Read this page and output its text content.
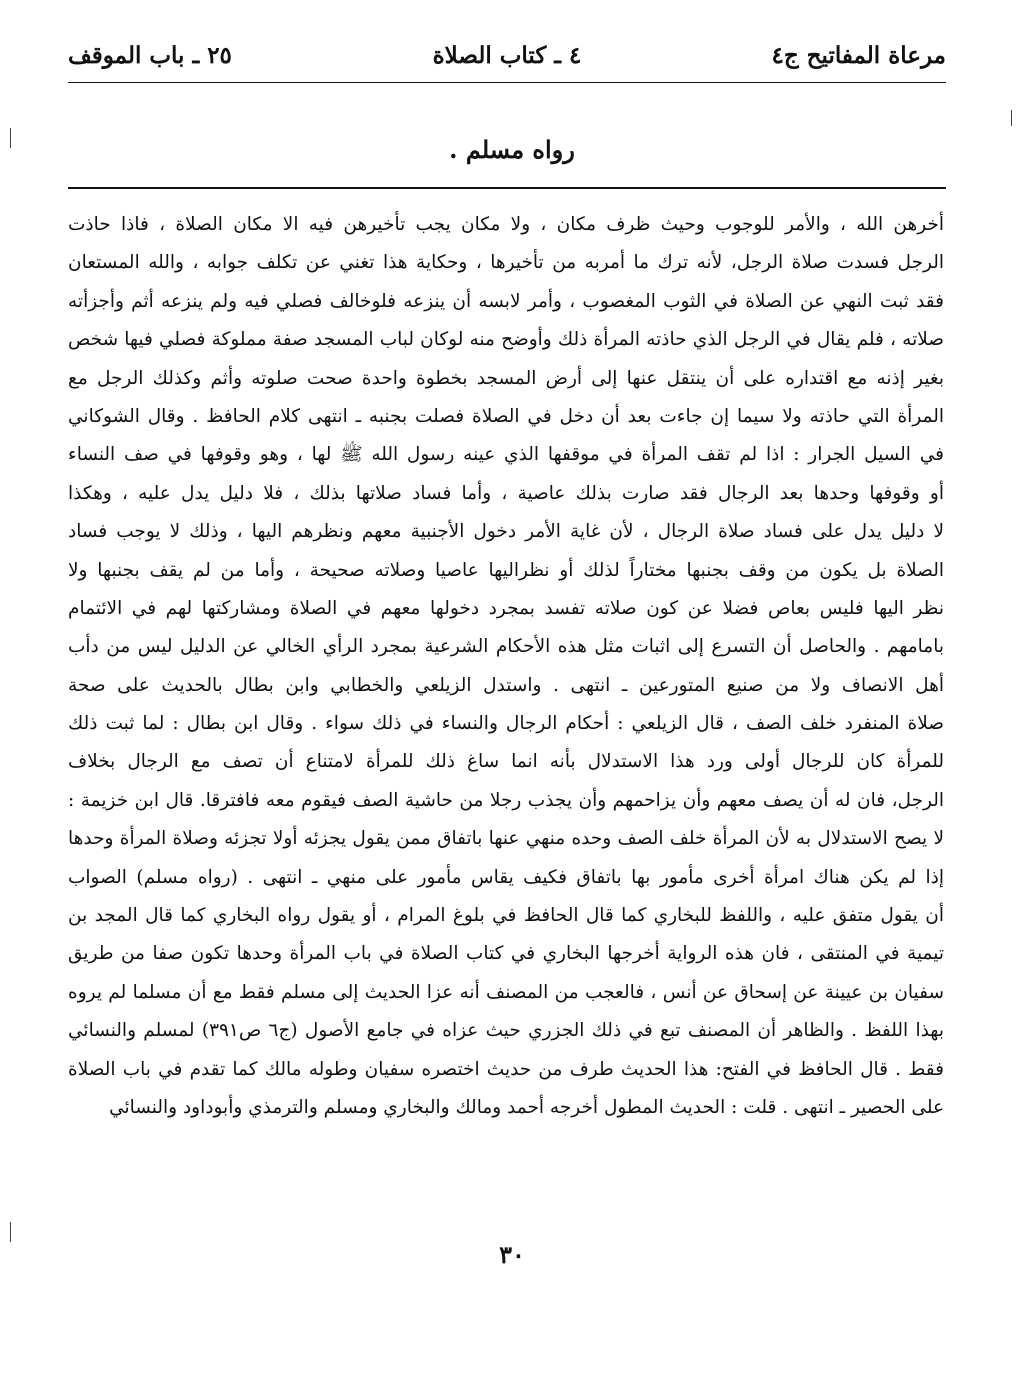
مرعاة المفاتيح ج٤
٤ ـ كتاب الصلاة
٢٥ ـ باب الموقف
رواه مسلم .
أخرهن الله ، والأمر للوجوب وحيث ظرف مكان ، ولا مكان يجب تأخيرهن فيه الا مكان الصلاة ، فاذا حاذت
الرجل فسدت صلاة الرجل، لأنه ترك ما أمربه من تأخيرها ، وحكاية هذا تغني عن تكلف جوابه ، والله المستعان
فقد ثبت النهي عن الصلاة في الثوب المغصوب ، وأمر لابسه أن ينزعه فلوخالف فصلي فيه ولم ينزعه أثم وأجزأته
صلاته ، فلم يقال في الرجل الذي حاذته المرأة ذلك وأوضح منه لوكان لباب المسجد صفة مملوكة فصلي فيها شخص
بغير إذنه مع اقتداره على أن ينتقل عنها إلى أرض المسجد بخطوة واحدة صحت صلوته وأثم وكذلك الرجل مع
المرأة التي حاذته ولا سيما إن جاءت بعد أن دخل في الصلاة فصلت بجنبه ـ انتهى كلام الحافظ . وقال الشوكاني
في السيل الجرار : اذا لم تقف المرأة في موقفها الذي عينه رسول الله ﷺ لها ، وهو وقوفها في صف النساء
أو وقوفها وحدها بعد الرجال فقد صارت بذلك عاصية ، وأما فساد صلاتها بذلك ، فلا دليل يدل عليه ، وهكذا
لا دليل يدل على فساد صلاة الرجال ، لأن غاية الأمر دخول الأجنبية معهم ونظرهم اليها ، وذلك لا يوجب فساد
الصلاة بل يكون من وقف بجنبها مختاراً لذلك أو نظراليها عاصيا وصلاته صحيحة ، وأما من لم يقف بجنبها ولا
نظر اليها فليس بعاص فضلا عن كون صلاته تفسد بمجرد دخولها معهم في الصلاة ومشاركتها لهم في الائتمام
بامامهم . والحاصل أن التسرع إلى اثبات مثل هذه الأحكام الشرعية بمجرد الرأي الخالي عن الدليل ليس من دأب
أهل الانصاف ولا من صنيع المتورعين ـ انتهى . واستدل الزيلعي والخطابي وابن بطال بالحديث على صحة
صلاة المنفرد خلف الصف ، قال الزيلعي : أحكام الرجال والنساء في ذلك سواء . وقال ابن بطال : لما ثبت ذلك
للمرأة كان للرجال أولى ورد هذا الاستدلال بأنه انما ساغ ذلك للمرأة لامتناع أن تصف مع الرجال بخلاف
الرجل، فان له أن يصف معهم وأن يزاحمهم وأن يجذب رجلا من حاشية الصف فيقوم معه فافترقا. قال ابن خزيمة :
لا يصح الاستدلال به لأن المرأة خلف الصف وحده منهي عنها باتفاق ممن يقول يجزئه أولا تجزئه وصلاة المرأة وحدها
إذا لم يكن هناك امرأة أخرى مأمور بها باتفاق فكيف يقاس مأمور على منهي ـ انتهى . (رواه مسلم) الصواب
أن يقول متفق عليه ، واللفظ للبخاري كما قال الحافظ في بلوغ المرام ، أو يقول رواه البخاري كما قال المجد بن
تيمية في المنتقى ، فان هذه الرواية أخرجها البخاري في كتاب الصلاة في باب المرأة وحدها تكون صفا من طريق
سفيان بن عيينة عن إسحاق عن أنس ، فالعجب من المصنف أنه عزا الحديث إلى مسلم فقط مع أن مسلما لم يروه
بهذا اللفظ . والظاهر أن المصنف تبع في ذلك الجزري حيث عزاه في جامع الأصول (ج٦ ص٣٩١) لمسلم والنسائي
فقط . قال الحافظ في الفتح: هذا الحديث طرف من حديث اختصره سفيان وطوله مالك كما تقدم في باب الصلاة
على الحصير ـ انتهى . قلت : الحديث المطول أخرجه أحمد ومالك والبخاري ومسلم والترمذي وأبوداود والنسائي
٣٠
